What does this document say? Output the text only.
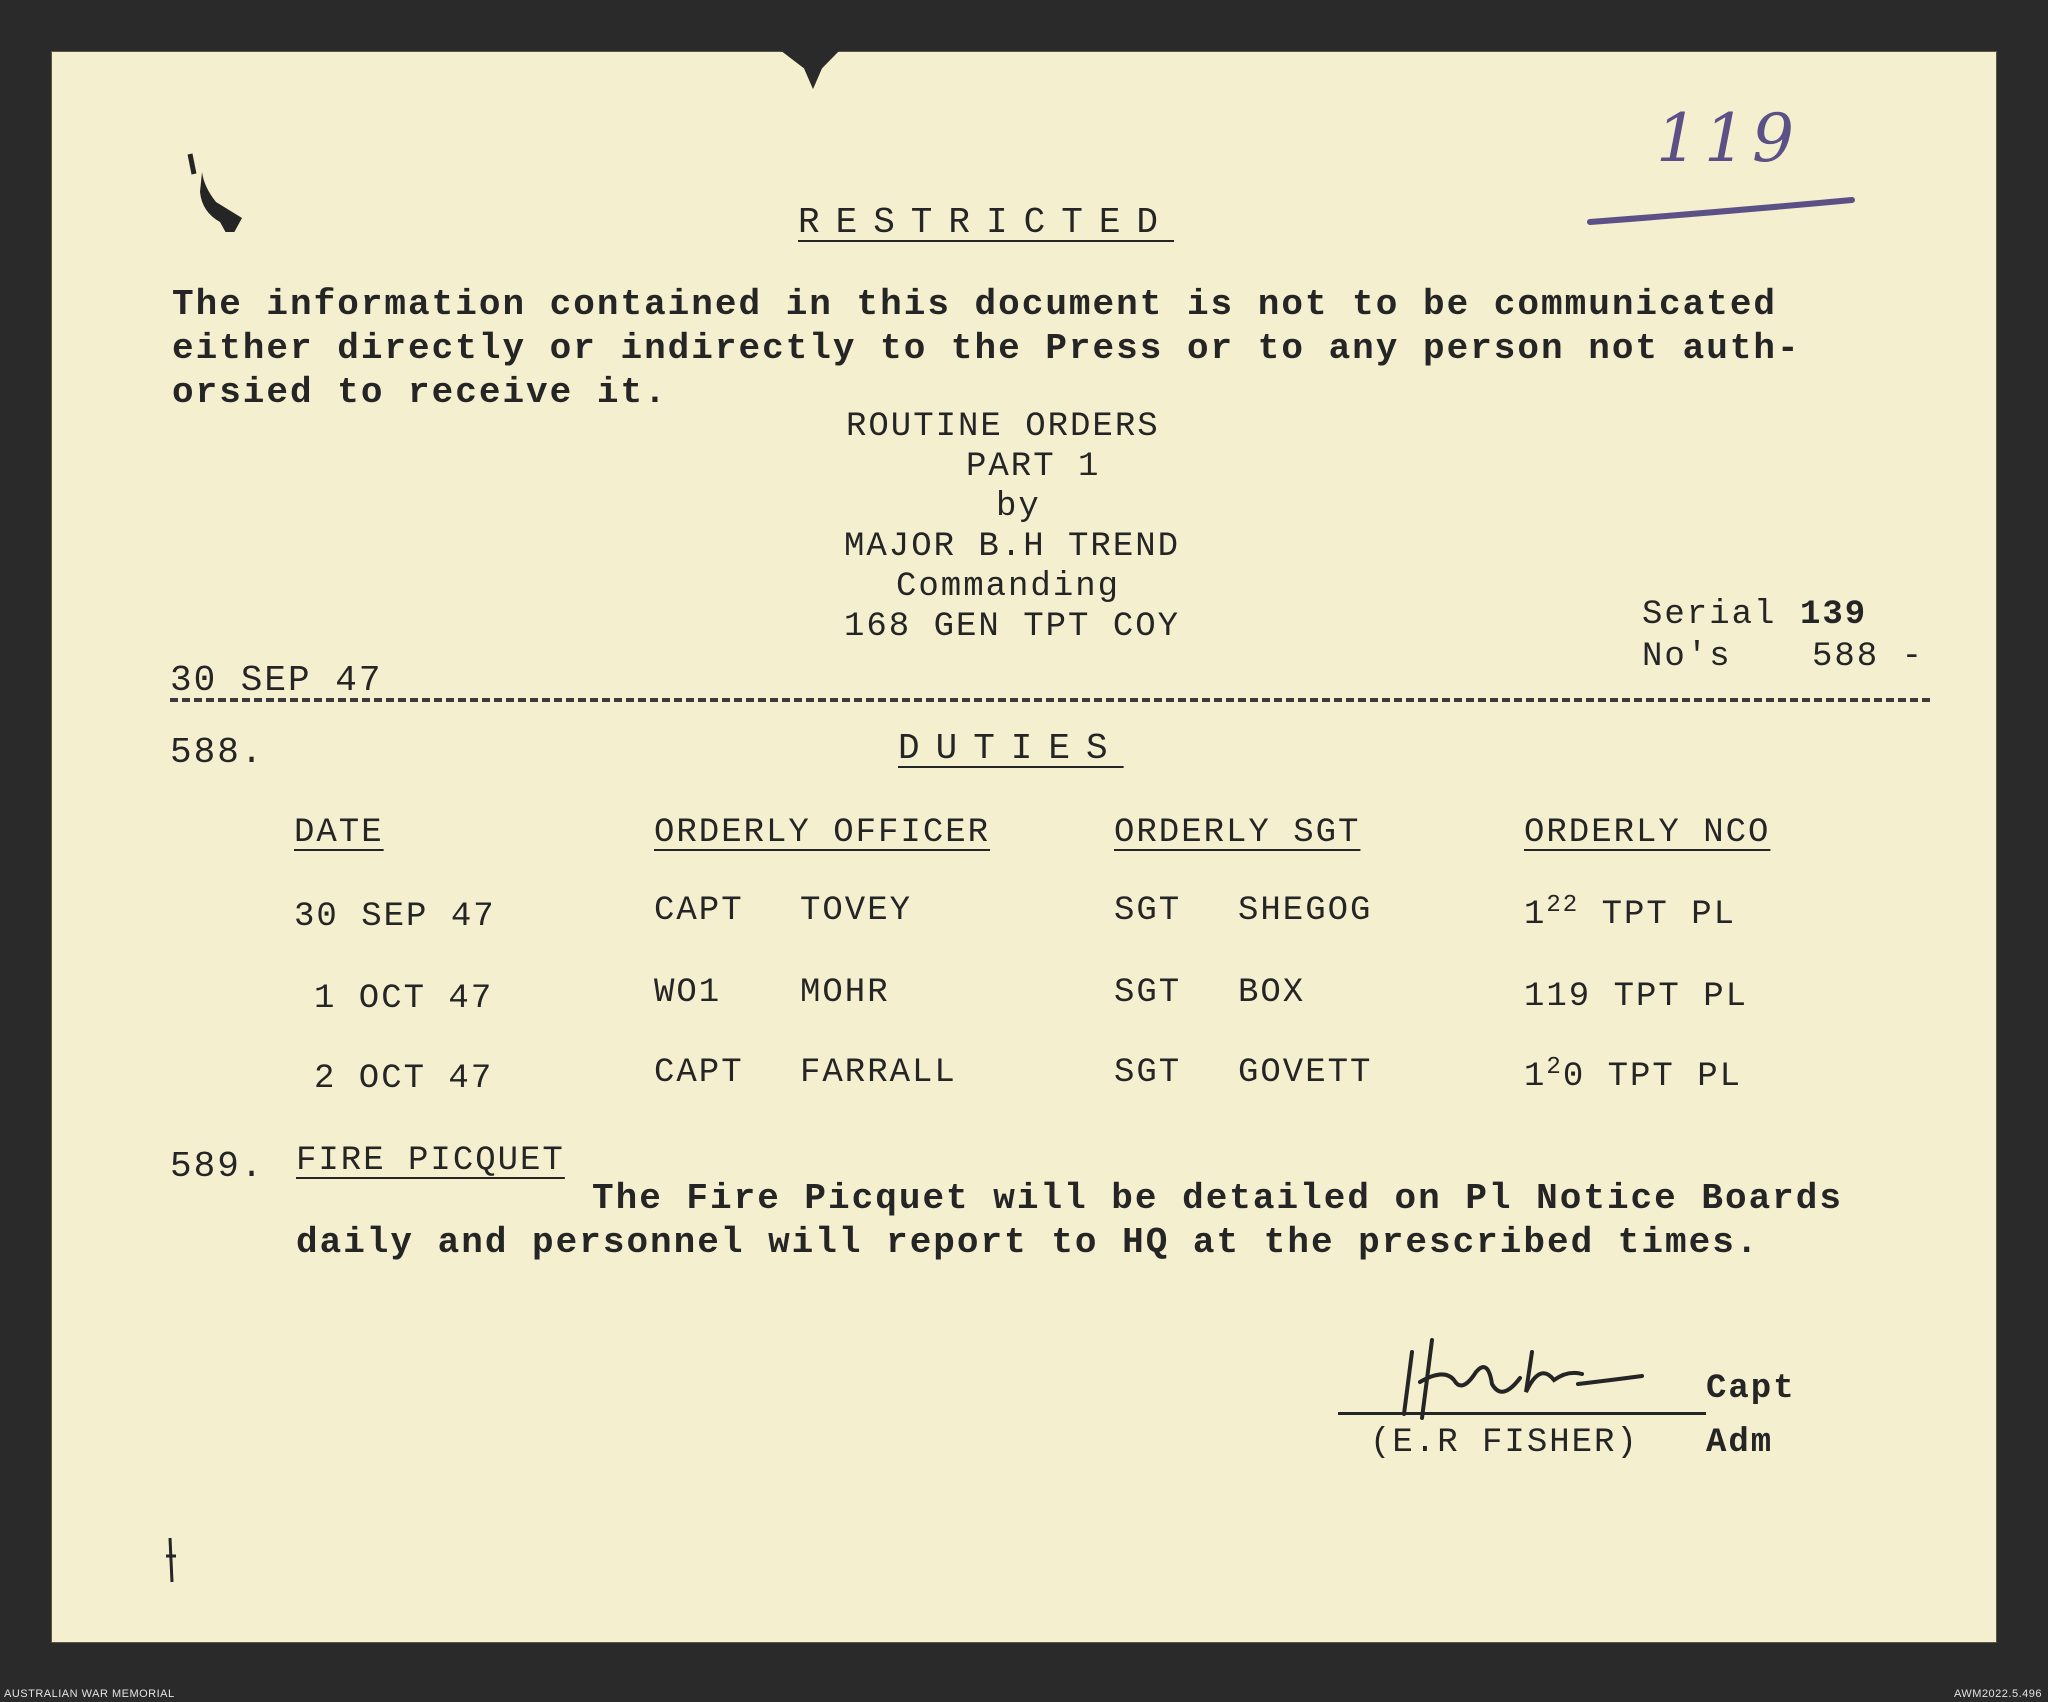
119
RESTRICTED
The information contained in this document is not to be communicated
either directly or indirectly to the Press or to any person not auth-
orsied to receive it.
ROUTINE ORDERS
PART 1
by
MAJOR B.H TREND
Commanding
168 GEN TPT COY	Serial 139
No's 588 -
30 SEP 47
588.	DUTIES
DATE	ORDERLY OFFICER	ORDERLY SGT	ORDERLY NCO
30 SEP 47	CAPT TOVEY	SGT SHEGOG	$1^{22}$ TPT PL
1 OCT 47	WO1 MOHR	SGT BOX	119 TPT PL
2 OCT 47	CAPT FARRALL	SGT GOVETT	$1^20$ TPT PL
589. FIRE PICQUET
The Fire Picquet will be detailed on Pl Notice Boards
daily and personnel will report to HQ at the prescribed times.
Capt
(E.R FISHER) Adm
AUSTRALIAN WAR MEMORIAL	AWM2022.5.496
